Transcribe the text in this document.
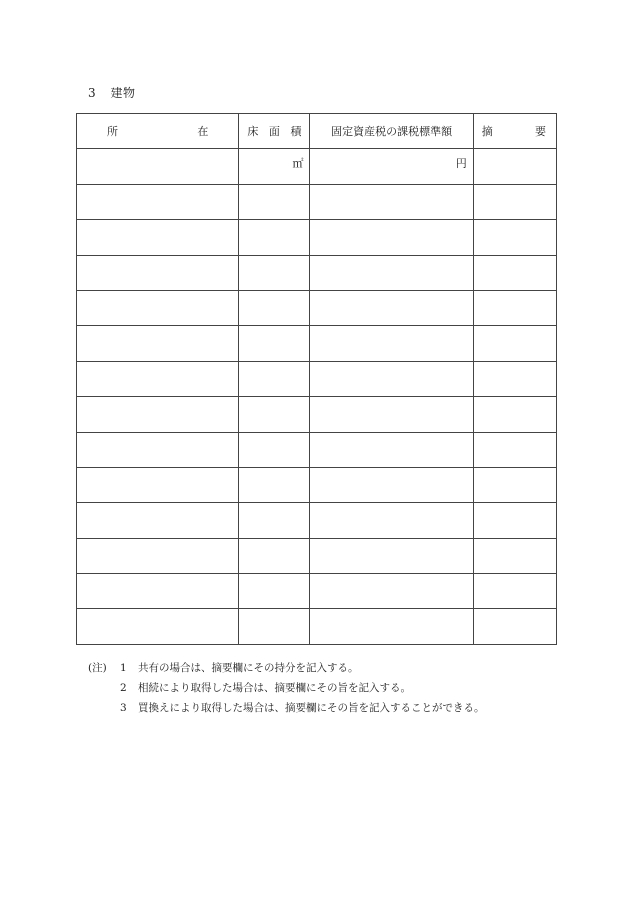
3 建物
所 在	床 面 積	固定資産税の課税標準額	摘 要

	㎡	円	

(注)	1	共有の場合は、摘要欄にその持分を記入する。
2	相続により取得した場合は、摘要欄にその旨を記入する。
3	買換えにより取得した場合は、摘要欄にその旨を記入することができる。
